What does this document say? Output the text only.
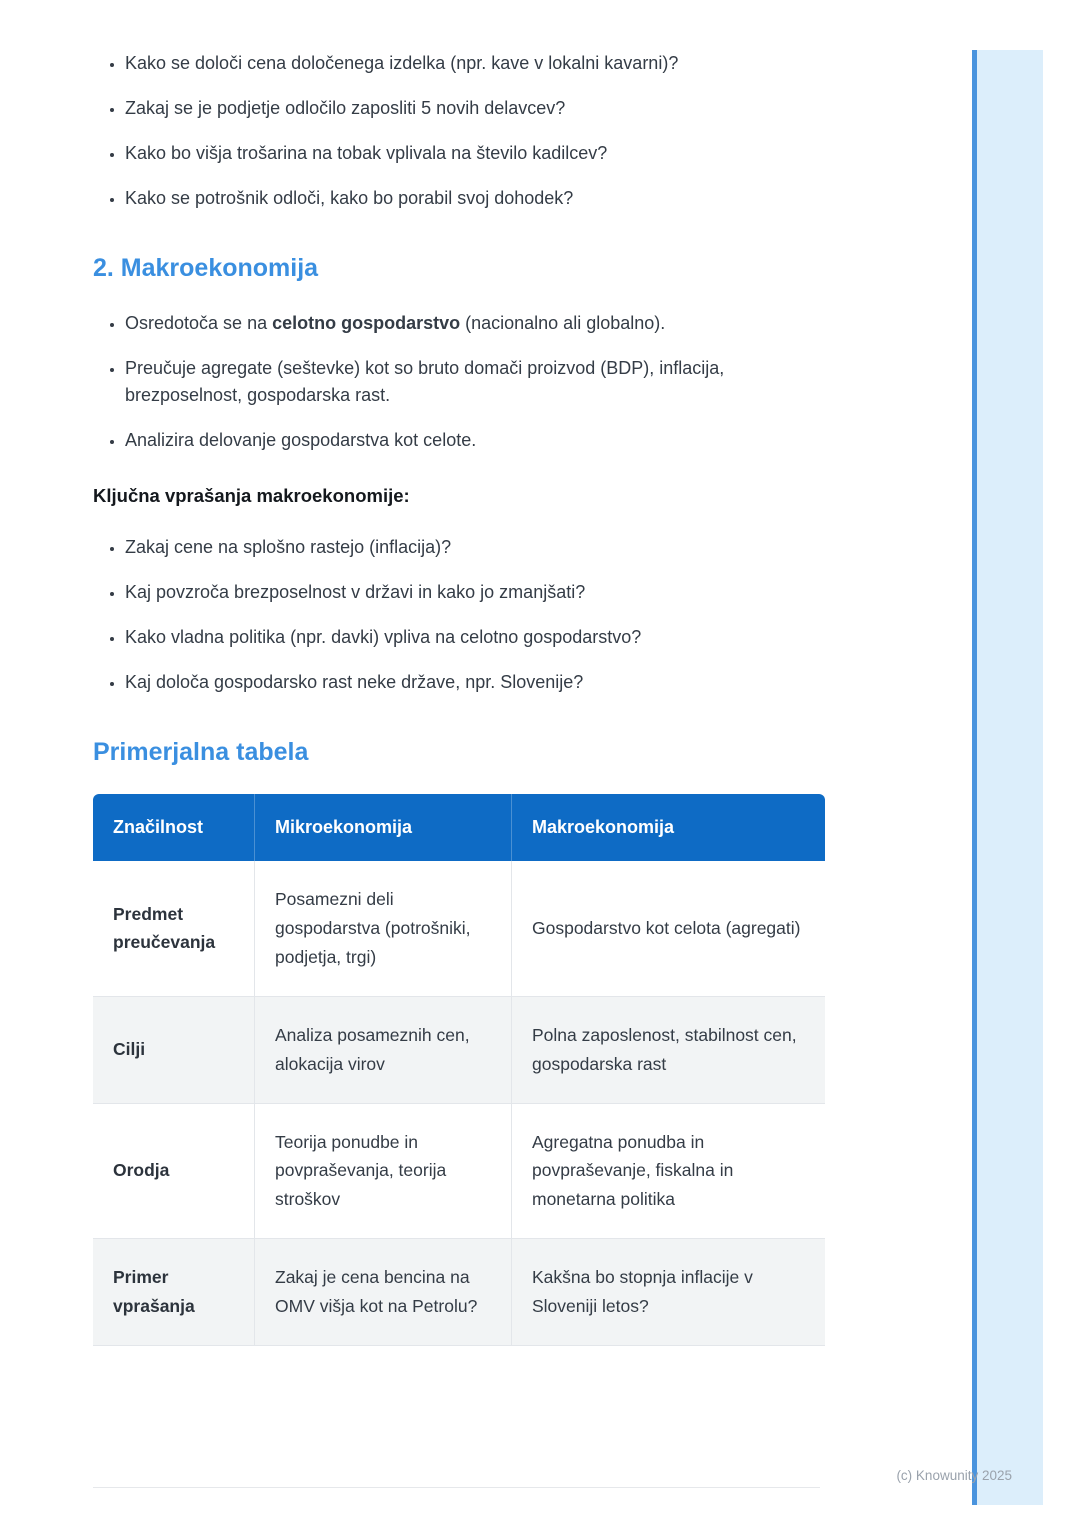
• Kako se določi cena določenega izdelka (npr. kave v lokalni kavarni)?
• Zakaj se je podjetje odločilo zaposliti 5 novih delavcev?
• Kako bo višja trošarina na tobak vplivala na število kadilcev?
• Kako se potrošnik odloči, kako bo porabil svoj dohodek?
2. Makroekonomija
• Osredotoča se na celotno gospodarstvo (nacionalno ali globalno).
• Preučuje agregate (seštevke) kot so bruto domači proizvod (BDP), inflacija, brezposelnost, gospodarska rast.
• Analizira delovanje gospodarstva kot celote.
Ključna vprašanja makroekonomije:
• Zakaj cene na splošno rastejo (inflacija)?
• Kaj povzroča brezposelnost v državi in kako jo zmanjšati?
• Kako vladna politika (npr. davki) vpliva na celotno gospodarstvo?
• Kaj določa gospodarsko rast neke države, npr. Slovenije?
Primerjalna tabela
Značilnost	Mikroekonomija	Makroekonomija
Predmet preučevanja	Posamezni deli gospodarstva (potrošniki, podjetja, trgi)	Gospodarstvo kot celota (agregati)
Cilji	Analiza posameznih cen, alokacija virov	Polna zaposlenost, stabilnost cen, gospodarska rast
Orodja	Teorija ponudbe in povpraševanja, teorija stroškov	Agregatna ponudba in povpraševanje, fiskalna in monetarna politika
Primer vprašanja	Zakaj je cena bencina na OMV višja kot na Petrolu?	Kakšna bo stopnja inflacije v Sloveniji letos?
(c) Knowunity 2025
